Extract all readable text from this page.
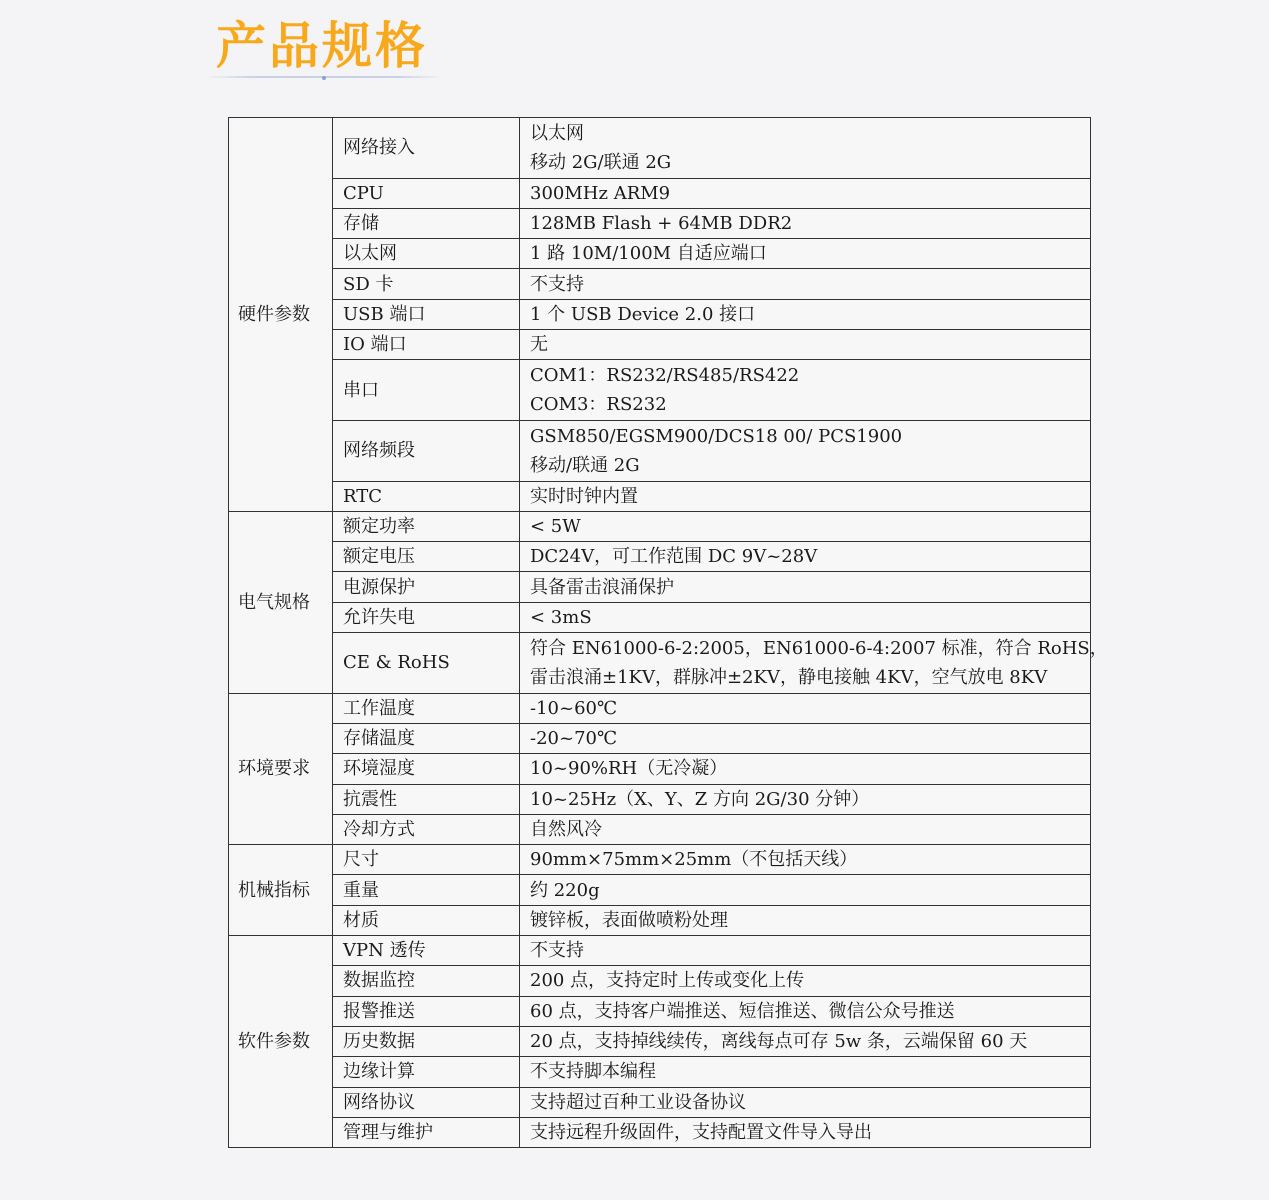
产品规格
硬件参数	网络接入	以太网
移动 2G/联通 2G

	CPU	300MHz ARM9

	存储	128MB Flash + 64MB DDR2

	以太网	1 路 10M/100M 自适应端口

	SD 卡	不支持

	USB 端口	1 个 USB Device 2.0 接口

	IO 端口	无

	串口	COM1：RS232/RS485/RS422
COM3：RS232

	网络频段	GSM850/EGSM900/DCS18 00/ PCS1900
移动/联通 2G

	RTC	实时时钟内置

电气规格	额定功率	< 5W

	额定电压	DC24V，可工作范围 DC 9V~28V

	电源保护	具备雷击浪涌保护

	允许失电	< 3mS

	CE & RoHS	符合 EN61000-6-2:2005，EN61000-6-4:2007 标准，符合 RoHS，
雷击浪涌±1KV，群脉冲±2KV，静电接触 4KV，空气放电 8KV

环境要求	工作温度	-10~60℃

	存储温度	-20~70℃

	环境湿度	10~90%RH（无冷凝）

	抗震性	10~25Hz（X、Y、Z 方向 2G/30 分钟）

	冷却方式	自然风冷

机械指标	尺寸	90mm×75mm×25mm（不包括天线）

	重量	约 220g

	材质	镀锌板，表面做喷粉处理

软件参数	VPN 透传	不支持

	数据监控	200 点，支持定时上传或变化上传

	报警推送	60 点，支持客户端推送、短信推送、微信公众号推送

	历史数据	20 点，支持掉线续传，离线每点可存 5w 条，云端保留 60 天

	边缘计算	不支持脚本编程

	网络协议	支持超过百种工业设备协议

	管理与维护	支持远程升级固件，支持配置文件导入导出
